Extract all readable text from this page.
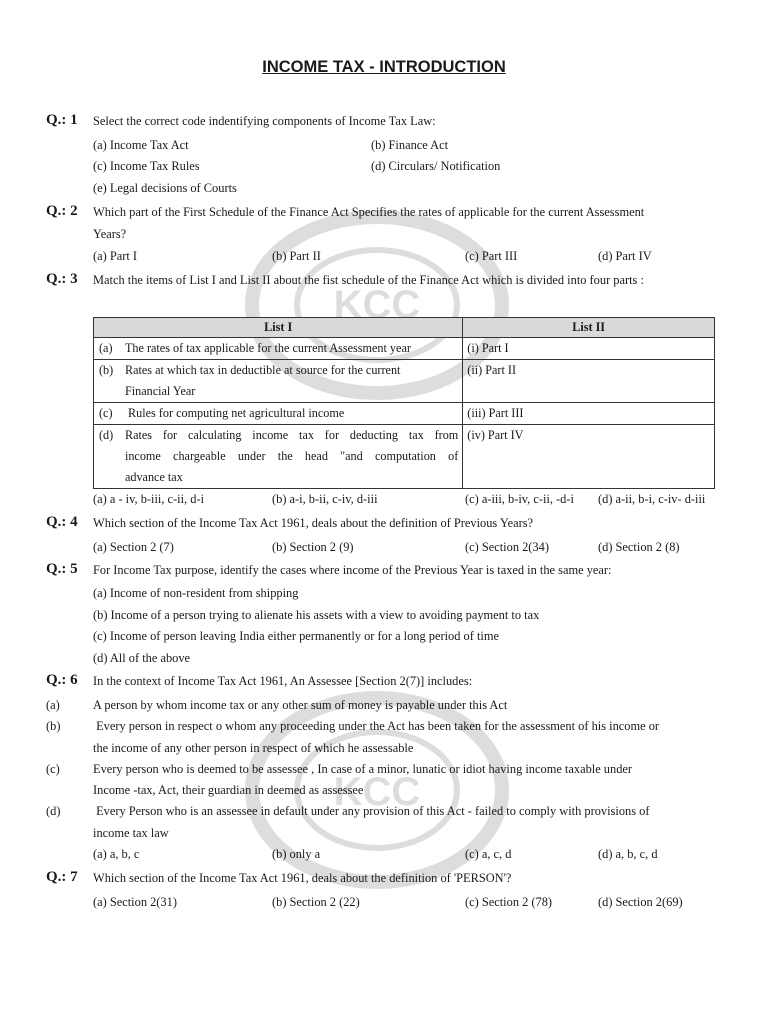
KCC
KCC
INCOME TAX - INTRODUCTION
Q.: 1 Select the correct code indentifying components of Income Tax Law:
(a) Income Tax Act	(b) Finance Act
(c) Income Tax Rules	(d) Circulars/ Notification
(e) Legal decisions of Courts
Q.: 2 Which part of the First Schedule of the Finance Act Specifies the rates of applicable for the current Assessment
Years?
(a) Part I	(b) Part II	(c) Part III	(d) Part IV
Q.: 3 Match the items of List I and List II about the fist schedule of the Finance Act which is divided into four parts :
List I		List II
(a)	The rates of tax applicable for the current Assessment year	(i) Part I
(b)	Rates at which tax in deductible at source for the current
Financial Year	(ii) Part II
(c)	Rules for computing net agricultural income	(iii) Part III
(d)	Rates for calculating income tax for deducting tax from
income chargeable under the head "and computation of
advance tax	(iv) Part IV
(a) a - iv, b-iii, c-ii, d-i	(b) a-i, b-ii, c-iv, d-iii	(c) a-iii, b-iv, c-ii, -d-i (d) a-ii, b-i, c-iv- d-iii
Q.: 4 Which section of the Income Tax Act 1961, deals about the definition of Previous Years?
(a) Section 2 (7)	(b) Section 2 (9)	(c) Section 2(34)	(d) Section 2 (8)
Q.: 5 For Income Tax purpose, identify the cases where income of the Previous Year is taxed in the same year:
(a) Income of non-resident from shipping
(b) Income of a person trying to alienate his assets with a view to avoiding payment to tax
(c) Income of person leaving India either permanently or for a long period of time
(d) All of the above
Q.: 6 In the context of Income Tax Act 1961, An Assessee [Section 2(7)] includes:
(a)	A person by whom income tax or any other sum of money is payable under this Act
(b)	Every person in respect o whom any proceeding under the Act has been taken for the assessment of his income or
the income of any other person in respect of which he assessable
(c)	Every person who is deemed to be assessee , In case of a minor, lunatic or idiot having income taxable under
Income -tax, Act, their guardian in deemed as assessee
(d)	Every Person who is an assessee in default under any provision of this Act - failed to comply with provisions of
income tax law
(a) a, b, c	(b) only a	(c) a, c, d	(d) a, b, c, d
Q.: 7 Which section of the Income Tax Act 1961, deals about the definition of 'PERSON'?
(a) Section 2(31)	(b) Section 2 (22)	(c) Section 2 (78)	(d) Section 2(69)
